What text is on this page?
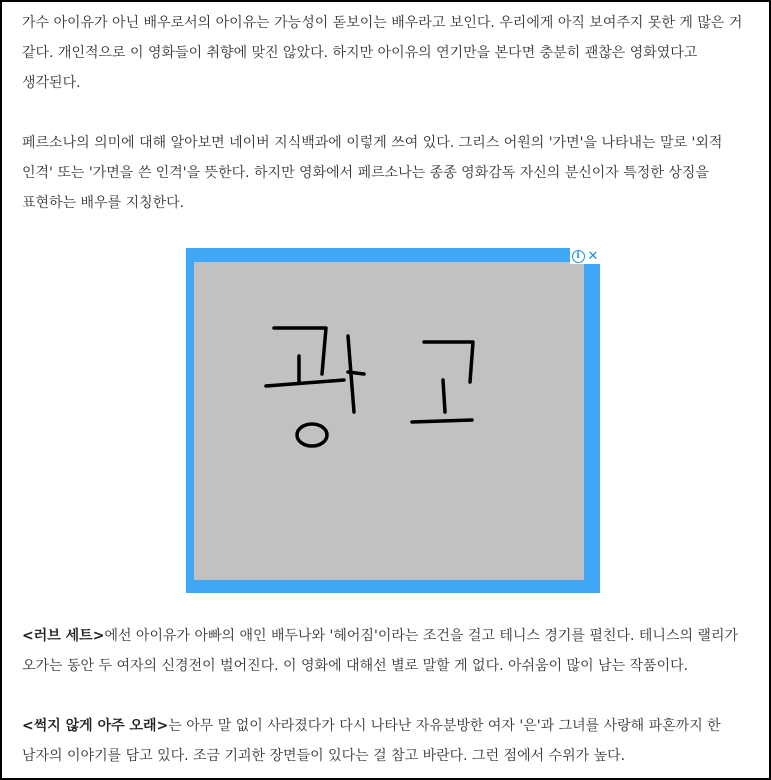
가수 아이유가 아닌 배우로서의 아이유는 가능성이 돋보이는 배우라고 보인다. 우리에게 아직 보여주지 못한 게 많은 거 같다. 개인적으로 이 영화들이 취향에 맞진 않았다. 하지만 아이유의 연기만을 본다면 충분히 괜찮은 영화였다고 생각된다.

페르소나의 의미에 대해 알아보면 네이버 지식백과에 이렇게 쓰여 있다. 그리스 어원의 '가면'을 나타내는 말로 '외적 인격' 또는 '가면을 쓴 인격'을 뜻한다. 하지만 영화에서 페르소나는 종종 영화감독 자신의 분신이자 특정한 상징을 표현하는 배우를 지칭한다.

i ✕

<러브 세트>에선 아이유가 아빠의 애인 배두나와 '헤어짐'이라는 조건을 걸고 테니스 경기를 펼친다. 테니스의 랠리가 오가는 동안 두 여자의 신경전이 벌어진다. 이 영화에 대해선 별로 말할 게 없다. 아쉬움이 많이 남는 작품이다.

<썩지 않게 아주 오래>는 아무 말 없이 사라졌다가 다시 나타난 자유분방한 여자 '은'과 그녀를 사랑해 파혼까지 한 남자의 이야기를 담고 있다. 조금 기괴한 장면들이 있다는 걸 참고 바란다. 그런 점에서 수위가 높다.
